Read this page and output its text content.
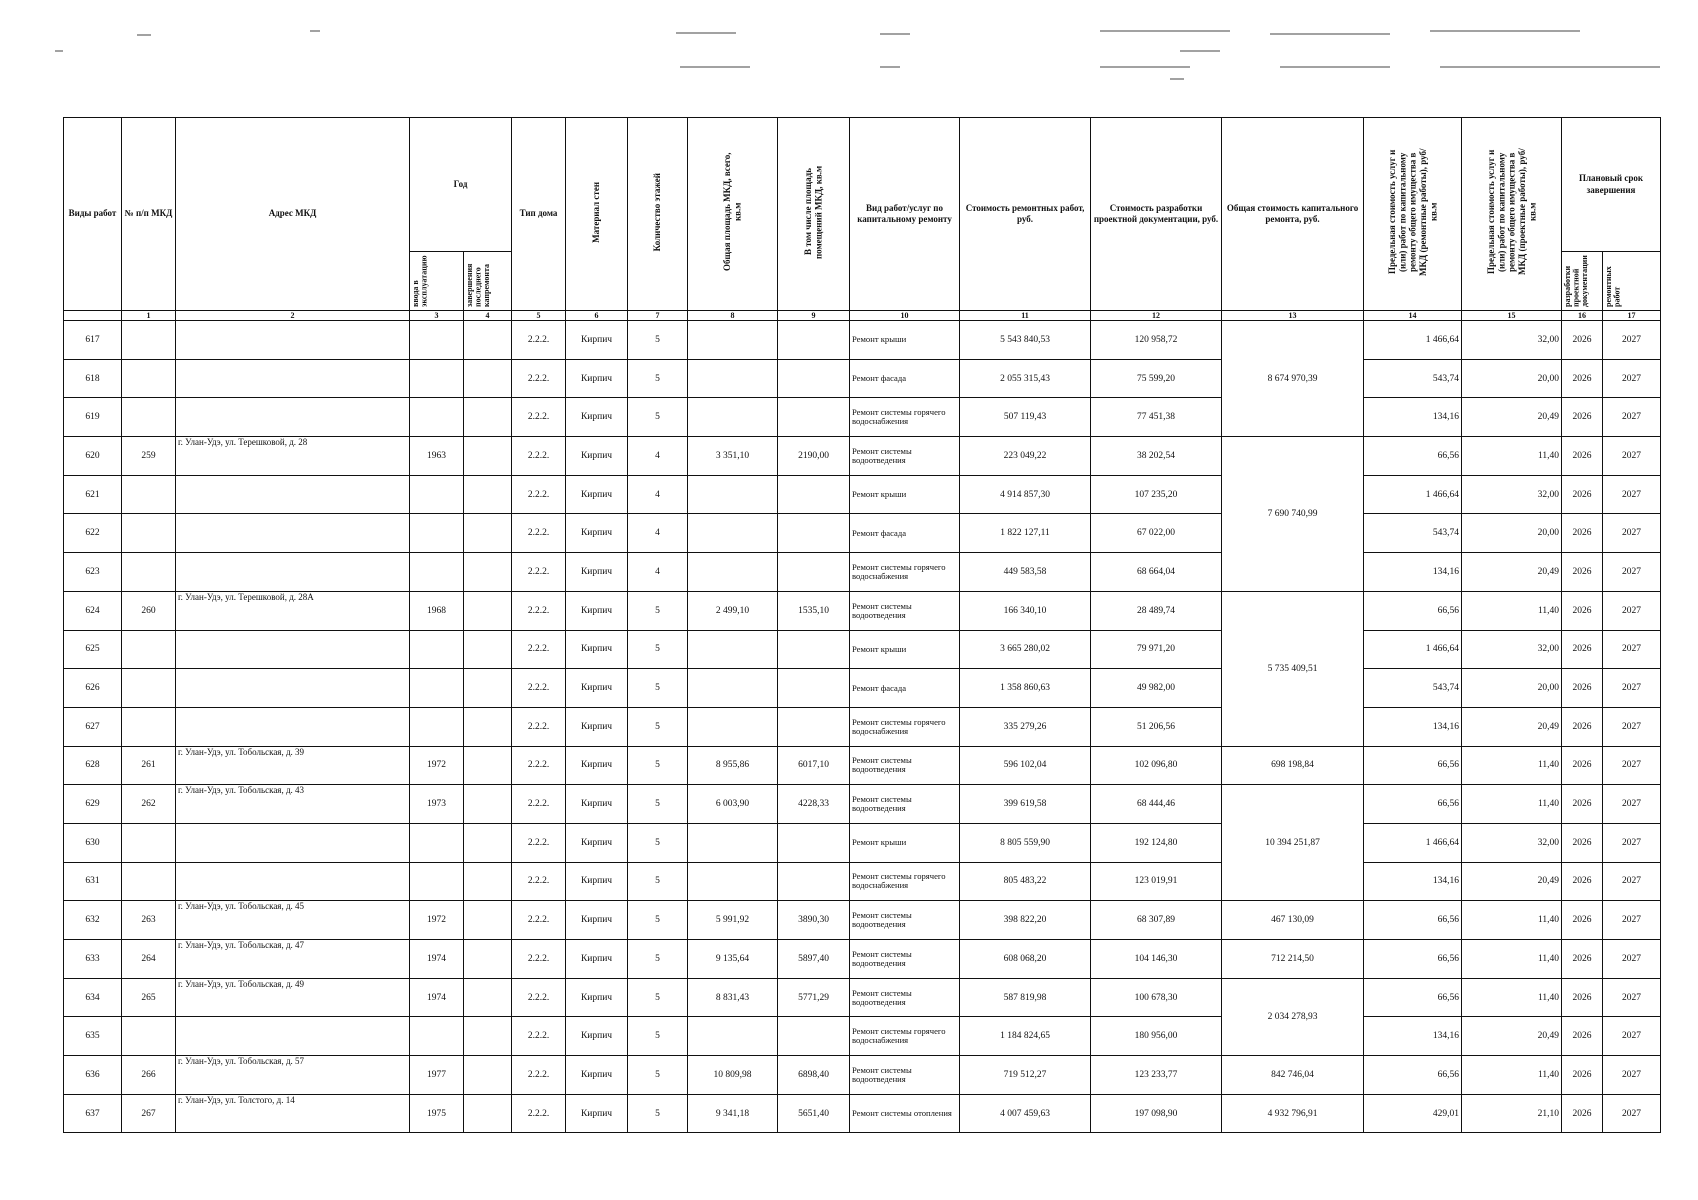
Виды работ	№ п/п МКД	Адрес МКД	Год		Тип дома	Материал стен	Количество этажей	Общая площадь МКД, всего, кв.м	В том числе площадь помещений МКД, кв.м	Вид работ/услуг по капитальному ремонту	Стоимость ремонтных работ, руб.	Стоимость разработки проектной документации, руб.	Общая стоимость капитального ремонта, руб.	Предельная стоимость услуг и (или) работ по капитальному ремонту общего имущества в МКД (ремонтные работы), руб/кв.м	Предельная стоимость услуг и (или) работ по капитальному ремонту общего имущества в МКД (проектные работы), руб/кв.м	Плановый срок завершения	
			ввода в эксплуатацию	завершения последнего капремонта												разработки проектной документации	ремонтных работ
	1	2	3	4	5	6	7	8	9	10	11	12	13	14	15	16	17
617					2.2.2.	Кирпич	5			Ремонт крыши	5 543 840,53	120 958,72	8 674 970,39	1 466,64	32,00	2026	2027
618					2.2.2.	Кирпич	5			Ремонт фасада	2 055 315,43	75 599,20		543,74	20,00	2026	2027
619					2.2.2.	Кирпич	5			Ремонт системы горячего водоснабжения	507 119,43	77 451,38		134,16	20,49	2026	2027
620	259	г. Улан-Удэ, ул. Терешковой, д. 28	1963		2.2.2.	Кирпич	4	3 351,10	2190,00	Ремонт системы водоотведения	223 049,22	38 202,54	7 690 740,99	66,56	11,40	2026	2027
621					2.2.2.	Кирпич	4			Ремонт крыши	4 914 857,30	107 235,20		1 466,64	32,00	2026	2027
622					2.2.2.	Кирпич	4			Ремонт фасада	1 822 127,11	67 022,00		543,74	20,00	2026	2027
623					2.2.2.	Кирпич	4			Ремонт системы горячего водоснабжения	449 583,58	68 664,04		134,16	20,49	2026	2027
624	260	г. Улан-Удэ, ул. Терешковой, д. 28А	1968		2.2.2.	Кирпич	5	2 499,10	1535,10	Ремонт системы водоотведения	166 340,10	28 489,74	5 735 409,51	66,56	11,40	2026	2027
625					2.2.2.	Кирпич	5			Ремонт крыши	3 665 280,02	79 971,20		1 466,64	32,00	2026	2027
626					2.2.2.	Кирпич	5			Ремонт фасада	1 358 860,63	49 982,00		543,74	20,00	2026	2027
627					2.2.2.	Кирпич	5			Ремонт системы горячего водоснабжения	335 279,26	51 206,56		134,16	20,49	2026	2027
628	261	г. Улан-Удэ, ул. Тобольская, д. 39	1972		2.2.2.	Кирпич	5	8 955,86	6017,10	Ремонт системы водоотведения	596 102,04	102 096,80	698 198,84	66,56	11,40	2026	2027
629	262	г. Улан-Удэ, ул. Тобольская, д. 43	1973		2.2.2.	Кирпич	5	6 003,90	4228,33	Ремонт системы водоотведения	399 619,58	68 444,46	10 394 251,87	66,56	11,40	2026	2027
630					2.2.2.	Кирпич	5			Ремонт крыши	8 805 559,90	192 124,80		1 466,64	32,00	2026	2027
631					2.2.2.	Кирпич	5			Ремонт системы горячего водоснабжения	805 483,22	123 019,91		134,16	20,49	2026	2027
632	263	г. Улан-Удэ, ул. Тобольская, д. 45	1972		2.2.2.	Кирпич	5	5 991,92	3890,30	Ремонт системы водоотведения	398 822,20	68 307,89	467 130,09	66,56	11,40	2026	2027
633	264	г. Улан-Удэ, ул. Тобольская, д. 47	1974		2.2.2.	Кирпич	5	9 135,64	5897,40	Ремонт системы водоотведения	608 068,20	104 146,30	712 214,50	66,56	11,40	2026	2027
634	265	г. Улан-Удэ, ул. Тобольская, д. 49	1974		2.2.2.	Кирпич	5	8 831,43	5771,29	Ремонт системы водоотведения	587 819,98	100 678,30	2 034 278,93	66,56	11,40	2026	2027
635					2.2.2.	Кирпич	5			Ремонт системы горячего водоснабжения	1 184 824,65	180 956,00		134,16	20,49	2026	2027
636	266	г. Улан-Удэ, ул. Тобольская, д. 57	1977		2.2.2.	Кирпич	5	10 809,98	6898,40	Ремонт системы водоотведения	719 512,27	123 233,77	842 746,04	66,56	11,40	2026	2027
637	267	г. Улан-Удэ, ул. Толстого, д. 14	1975		2.2.2.	Кирпич	5	9 341,18	5651,40	Ремонт системы отопления	4 007 459,63	197 098,90	4 932 796,91	429,01	21,10	2026	2027
